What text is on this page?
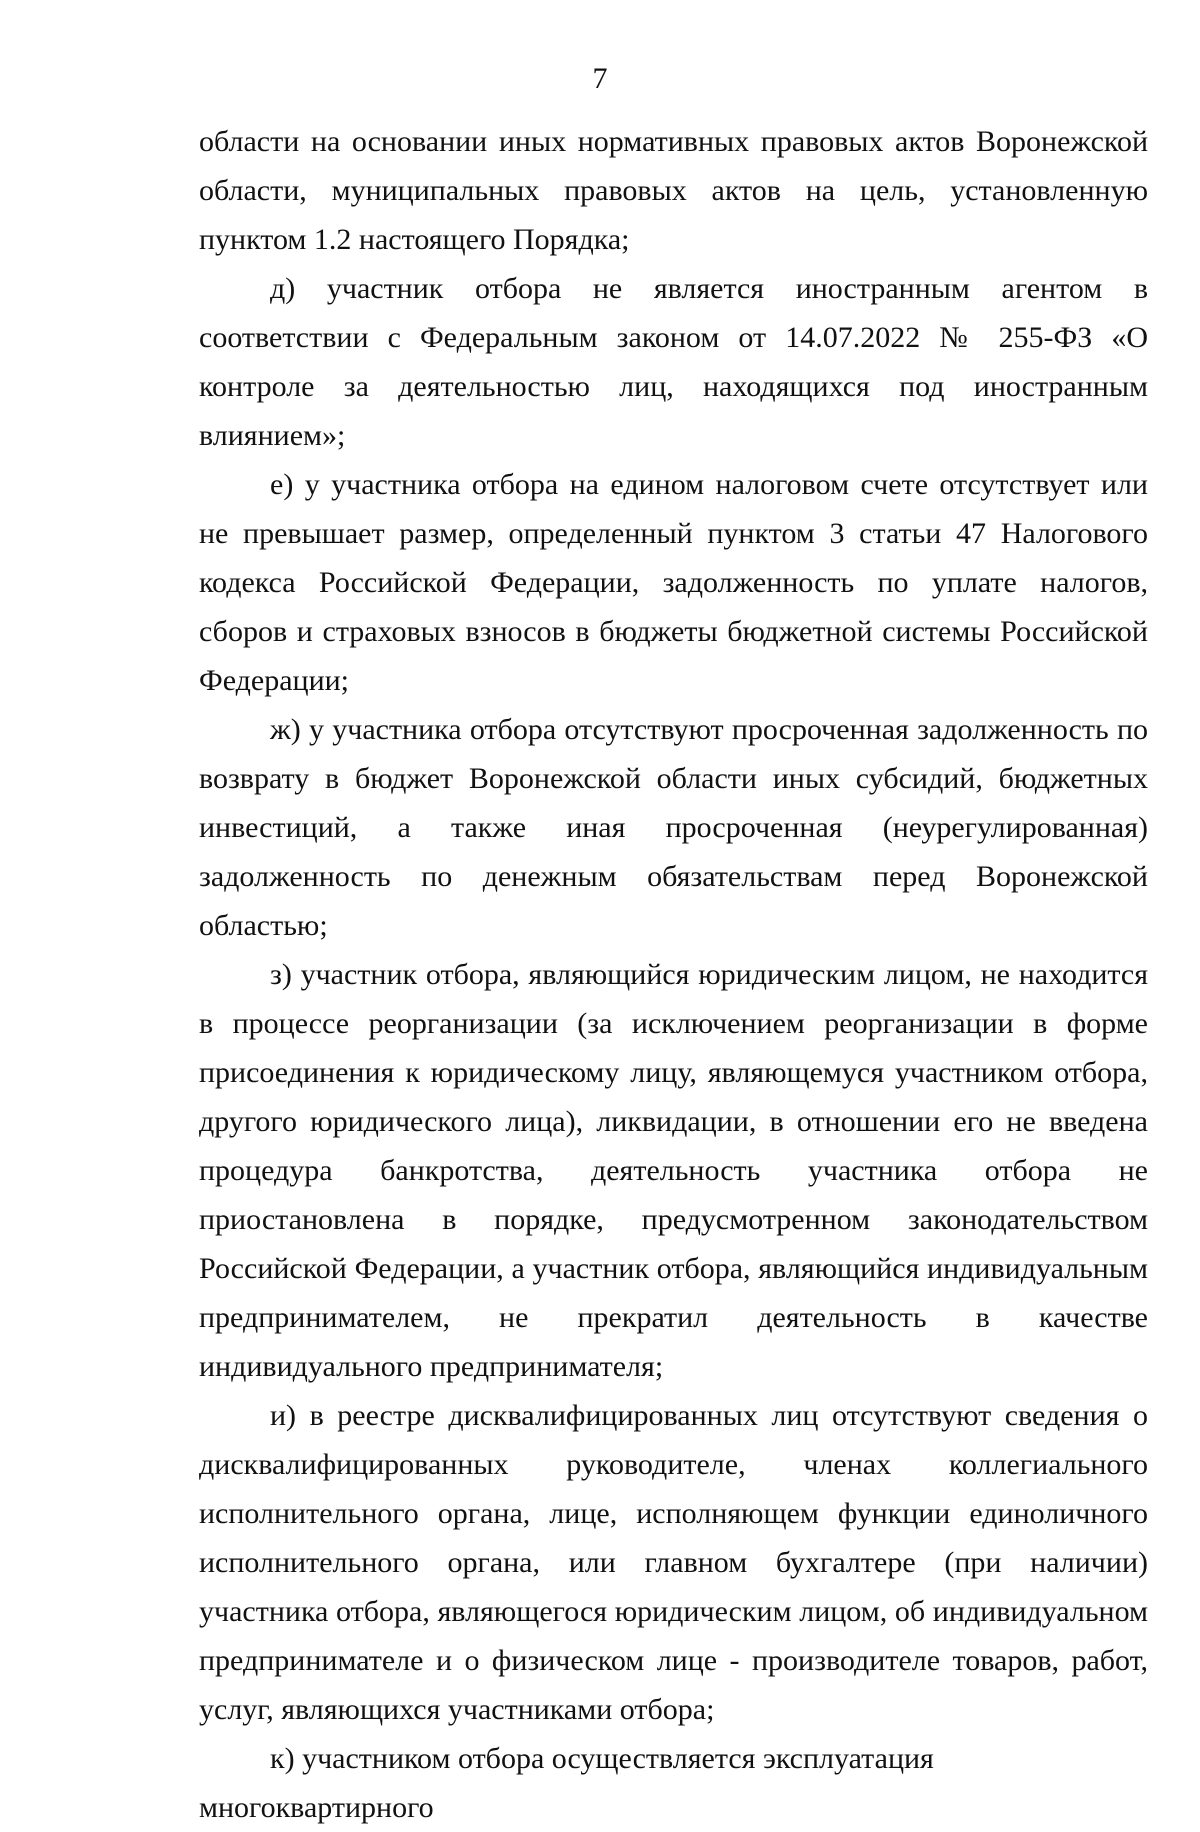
7

области на основании иных нормативных правовых актов Воронежской области, муниципальных правовых актов на цель, установленную пунктом 1.2 настоящего Порядка;

д) участник отбора не является иностранным агентом в соответствии с Федеральным законом от 14.07.2022 № 255-ФЗ «О контроле за деятельностью лиц, находящихся под иностранным влиянием»;

е) у участника отбора на едином налоговом счете отсутствует или не превышает размер, определенный пунктом 3 статьи 47 Налогового кодекса Российской Федерации, задолженность по уплате налогов, сборов и страховых взносов в бюджеты бюджетной системы Российской Федерации;

ж) у участника отбора отсутствуют просроченная задолженность по возврату в бюджет Воронежской области иных субсидий, бюджетных инвестиций, а также иная просроченная (неурегулированная) задолженность по денежным обязательствам перед Воронежской областью;

з) участник отбора, являющийся юридическим лицом, не находится в процессе реорганизации (за исключением реорганизации в форме присоединения к юридическому лицу, являющемуся участником отбора, другого юридического лица), ликвидации, в отношении его не введена процедура банкротства, деятельность участника отбора не приостановлена в порядке, предусмотренном законодательством Российской Федерации, а участник отбора, являющийся индивидуальным предпринимателем, не прекратил деятельность в качестве индивидуального предпринимателя;

и) в реестре дисквалифицированных лиц отсутствуют сведения о дисквалифицированных руководителе, членах коллегиального исполнительного органа, лице, исполняющем функции единоличного исполнительного органа, или главном бухгалтере (при наличии) участника отбора, являющегося юридическим лицом, об индивидуальном предпринимателе и о физическом лице - производителе товаров, работ, услуг, являющихся участниками отбора;

к) участником отбора осуществляется эксплуатация многоквартирного
